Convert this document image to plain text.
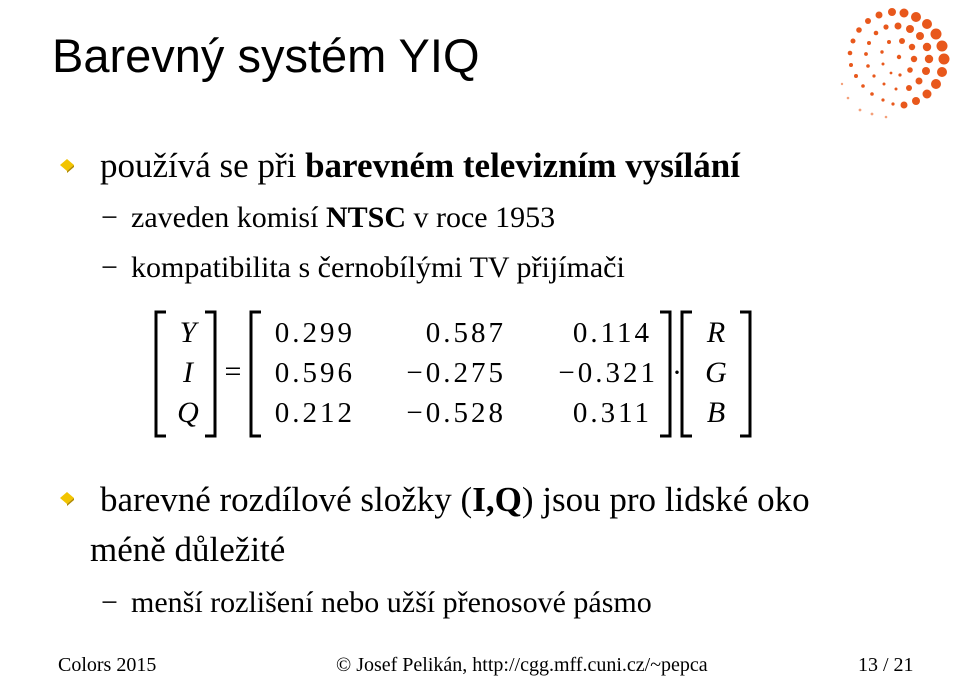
Barevný systém YIQ
používá se při barevném televizním vysílání
− zaveden komisí NTSC v roce 1953
− kompatibilita s černobílými TV přijímači
Y
I
Q
R
G
B
=	·
0.299 0.587 0.114
0.596 −0.275 −0.321
0.212 −0.528 0.311
barevné rozdílové složky (I,Q) jsou pro lidské oko
méně důležité
− menší rozlišení nebo užší přenosové pásmo
Colors 2015	© Josef Pelikán, http://cgg.mff.cuni.cz/~pepca	13 / 21
